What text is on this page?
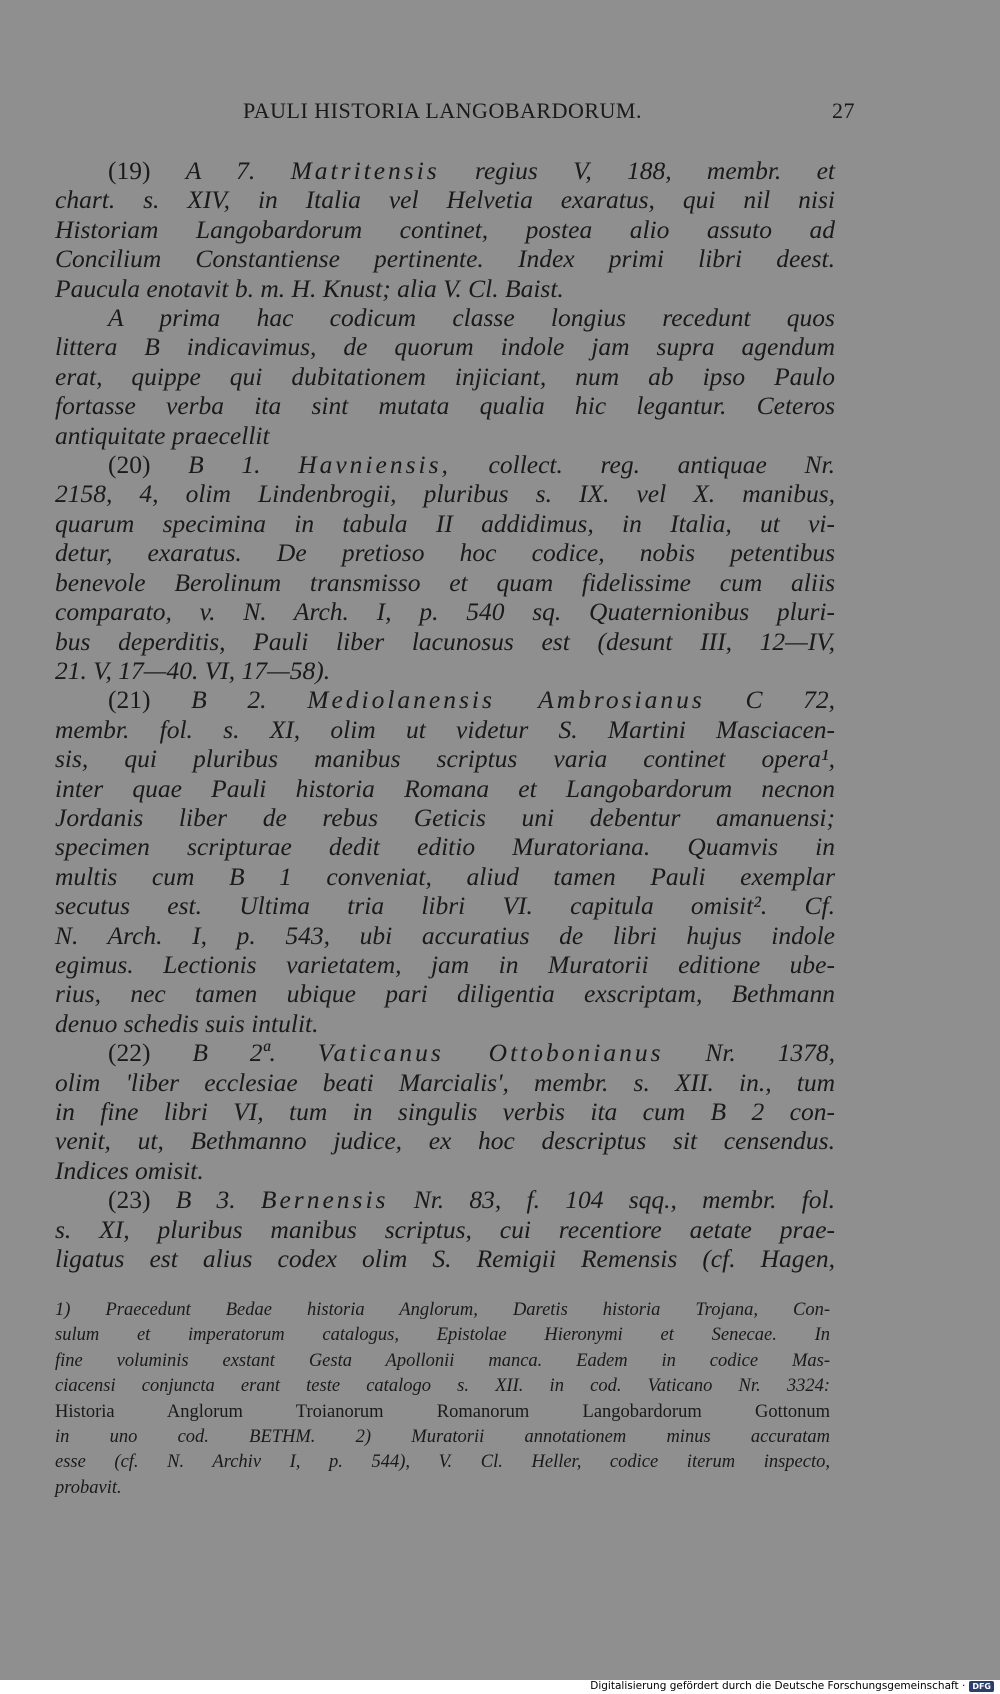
PAULI HISTORIA LANGOBARDORUM.	27
(19) A 7. Matritensis regius V, 188, membr. et
chart. s. XIV, in Italia vel Helvetia exaratus, qui nil nisi
Historiam Langobardorum continet, postea alio assuto ad
Concilium Constantiense pertinente. Index primi libri deest.
Paucula enotavit b. m. H. Knust; alia V. Cl. Baist.
A prima hac codicum classe longius recedunt quos
littera B indicavimus, de quorum indole jam supra agendum
erat, quippe qui dubitationem injiciant, num ab ipso Paulo
fortasse verba ita sint mutata qualia hic legantur. Ceteros
antiquitate praecellit
(20) B 1. Havniensis, collect. reg. antiquae Nr.
2158, 4, olim Lindenbrogii, pluribus s. IX. vel X. manibus,
quarum specimina in tabula II addidimus, in Italia, ut vi-
detur, exaratus. De pretioso hoc codice, nobis petentibus
benevole Berolinum transmisso et quam fidelissime cum aliis
comparato, v. N. Arch. I, p. 540 sq. Quaternionibus pluri-
bus deperditis, Pauli liber lacunosus est (desunt III, 12—IV,
21. V, 17—40. VI, 17—58).
(21) B 2. Mediolanensis Ambrosianus C 72,
membr. fol. s. XI, olim ut videtur S. Martini Masciacen-
sis, qui pluribus manibus scriptus varia continet opera¹,
inter quae Pauli historia Romana et Langobardorum necnon
Jordanis liber de rebus Geticis uni debentur amanuensi;
specimen scripturae dedit editio Muratoriana. Quamvis in
multis cum B 1 conveniat, aliud tamen Pauli exemplar
secutus est. Ultima tria libri VI. capitula omisit². Cf.
N. Arch. I, p. 543, ubi accuratius de libri hujus indole
egimus. Lectionis varietatem, jam in Muratorii editione ube-
rius, nec tamen ubique pari diligentia exscriptam, Bethmann
denuo schedis suis intulit.
(22) B 2ª. Vaticanus Ottobonianus Nr. 1378,
olim 'liber ecclesiae beati Marcialis', membr. s. XII. in., tum
in fine libri VI, tum in singulis verbis ita cum B 2 con-
venit, ut, Bethmanno judice, ex hoc descriptus sit censendus.
Indices omisit.
(23) B 3. Bernensis Nr. 83, f. 104 sqq., membr. fol.
s. XI, pluribus manibus scriptus, cui recentiore aetate prae-
ligatus est alius codex olim S. Remigii Remensis (cf. Hagen,
1) Praecedunt Bedae historia Anglorum, Daretis historia Trojana, Con-
sulum et imperatorum catalogus, Epistolae Hieronymi et Senecae. In
fine voluminis exstant Gesta Apollonii manca. Eadem in codice Mas-
ciacensi conjuncta erant teste catalogo s. XII. in cod. Vaticano Nr. 3324:
Historia Anglorum Troianorum Romanorum Langobardorum Gottonum
in uno cod. BETHM. 2) Muratorii annotationem minus accuratam
esse (cf. N. Archiv I, p. 544), V. Cl. Heller, codice iterum inspecto,
probavit.
Digitalisierung gefördert durch die Deutsche Forschungsgemeinschaft · DFG
